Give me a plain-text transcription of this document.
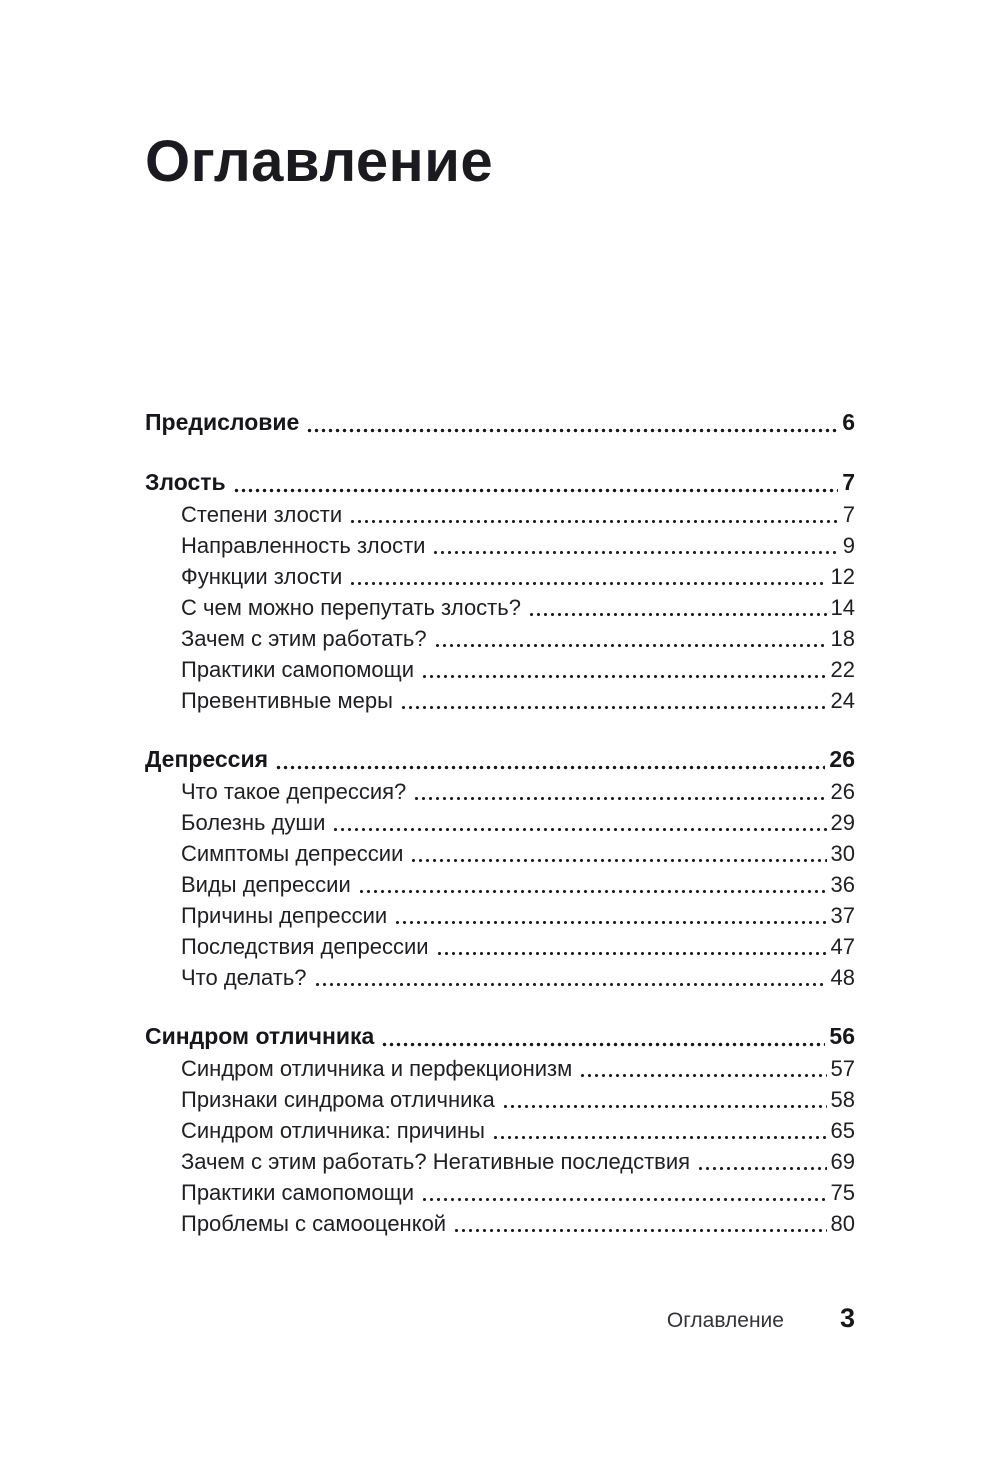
Оглавление
Предисловие	6
Злость	7
Степени злости	7
Направленность злости	9
Функции злости	12
С чем можно перепутать злость?	14
Зачем с этим работать?	18
Практики самопомощи	22
Превентивные меры	24
Депрессия	26
Что такое депрессия?	26
Болезнь души	29
Симптомы депрессии	30
Виды депрессии	36
Причины депрессии	37
Последствия депрессии	47
Что делать?	48
Синдром отличника	56
Синдром отличника и перфекционизм	57
Признаки синдрома отличника	58
Синдром отличника: причины	65
Зачем с этим работать? Негативные последствия	69
Практики самопомощи	75
Проблемы с самооценкой	80
Оглавление 3
